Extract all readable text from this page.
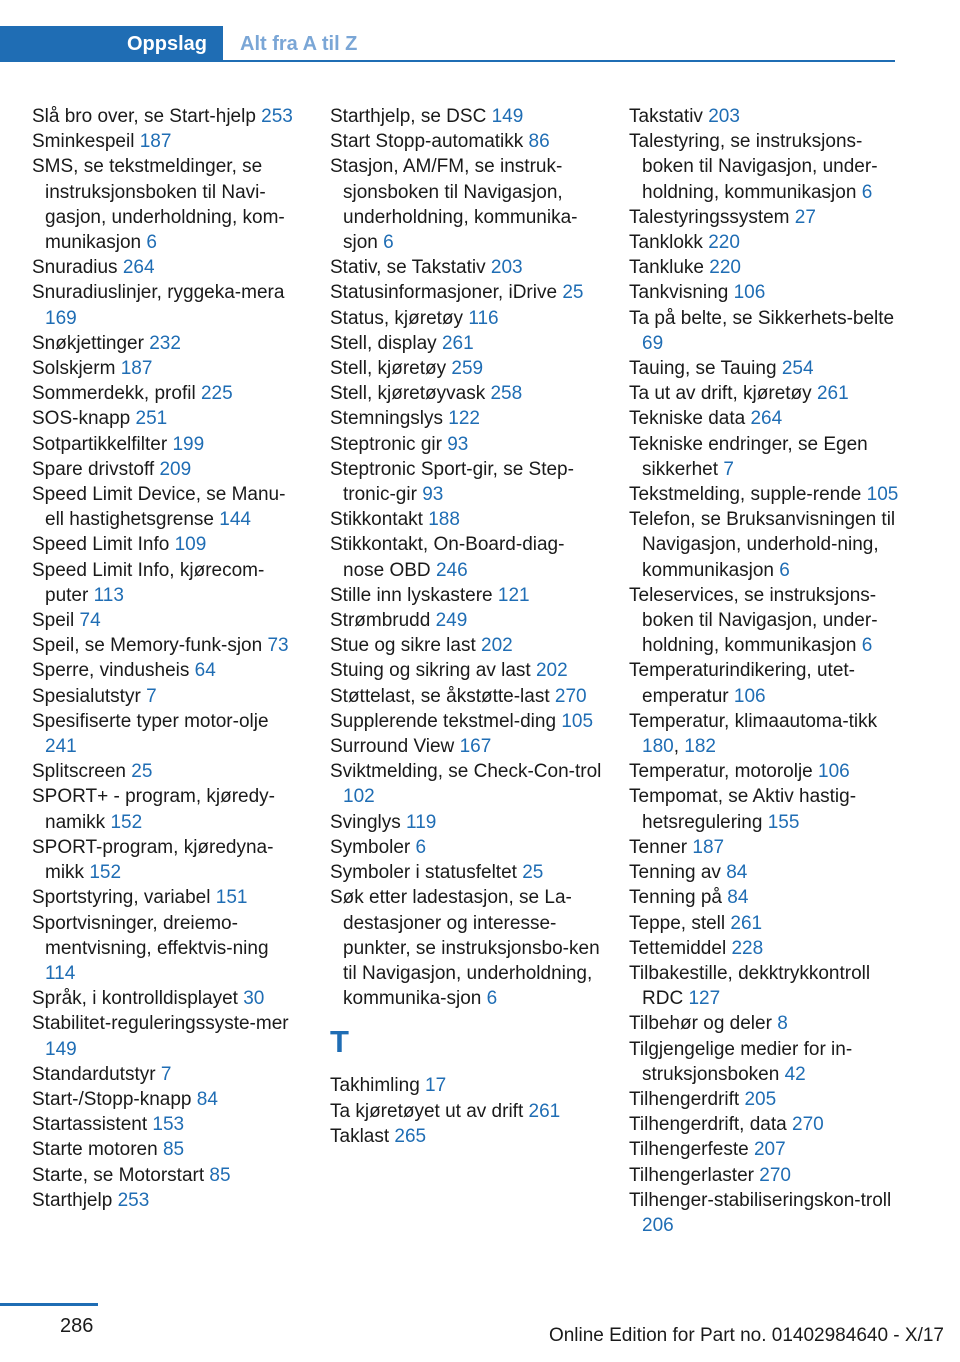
Oppslag	Alt fra A til Z
Slå bro over, se Start-hjelp 253
Sminkespeil 187
SMS, se tekstmeldinger, se instruksjonsboken til Navi-gasjon, underholdning, kom-munikasjon 6
Snuradius 264
Snuradiuslinjer, ryggeka-mera 169
Snøkjettinger 232
Solskjerm 187
Sommerdekk, profil 225
SOS-knapp 251
Sotpartikkelfilter 199
Spare drivstoff 209
Speed Limit Device, se Manu-ell hastighetsgrense 144
Speed Limit Info 109
Speed Limit Info, kjørecom-puter 113
Speil 74
Speil, se Memory-funk-sjon 73
Sperre, vindusheis 64
Spesialutstyr 7
Spesifiserte typer motor-olje 241
Splitscreen 25
SPORT+ - program, kjøredy-namikk 152
SPORT-program, kjøredyna-mikk 152
Sportstyring, variabel 151
Sportvisninger, dreiemo-mentvisning, effektvis-ning 114
Språk, i kontrolldisplayet 30
Stabilitet-reguleringssyste-mer 149
Standardutstyr 7
Start-/Stopp-knapp 84
Startassistent 153
Starte motoren 85
Starte, se Motorstart 85
Starthjelp 253
Starthjelp, se DSC 149
Start Stopp-automatikk 86
Stasjon, AM/FM, se instruk-sjonsboken til Navigasjon, underholdning, kommunika-sjon 6
Stativ, se Takstativ 203
Statusinformasjoner, iDrive 25
Status, kjøretøy 116
Stell, display 261
Stell, kjøretøy 259
Stell, kjøretøyvask 258
Stemningslys 122
Steptronic gir 93
Steptronic Sport-gir, se Step-tronic-gir 93
Stikkontakt 188
Stikkontakt, On-Board-diag-nose OBD 246
Stille inn lyskastere 121
Strømbrudd 249
Stue og sikre last 202
Stuing og sikring av last 202
Støttelast, se åkstøtte-last 270
Supplerende tekstmel-ding 105
Surround View 167
Sviktmelding, se Check-Con-trol 102
Svinglys 119
Symboler 6
Symboler i statusfeltet 25
Søk etter ladestasjon, se La-destasjoner og interesse-punkter, se instruksjonsbo-ken til Navigasjon, underholdning, kommunika-sjon 6
T
Takhimling 17
Ta kjøretøyet ut av drift 261
Taklast 265
Takstativ 203
Talestyring, se instruksjons-boken til Navigasjon, under-holdning, kommunikasjon 6
Talestyringssystem 27
Tanklokk 220
Tankluke 220
Tankvisning 106
Ta på belte, se Sikkerhets-belte 69
Tauing, se Tauing 254
Ta ut av drift, kjøretøy 261
Tekniske data 264
Tekniske endringer, se Egen sikkerhet 7
Tekstmelding, supple-rende 105
Telefon, se Bruksanvisningen til Navigasjon, underhold-ning, kommunikasjon 6
Teleservices, se instruksjons-boken til Navigasjon, under-holdning, kommunikasjon 6
Temperaturindikering, utet-emperatur 106
Temperatur, klimaautoma-tikk 180, 182
Temperatur, motorolje 106
Tempomat, se Aktiv hastig-hetsregulering 155
Tenner 187
Tenning av 84
Tenning på 84
Teppe, stell 261
Tettemiddel 228
Tilbakestille, dekktrykkontroll RDC 127
Tilbehør og deler 8
Tilgjengelige medier for in-struksjonsboken 42
Tilhengerdrift 205
Tilhengerdrift, data 270
Tilhengerfeste 207
Tilhengerlaster 270
Tilhenger-stabiliseringskon-troll 206
286	Online Edition for Part no. 01402984640 - X/17
